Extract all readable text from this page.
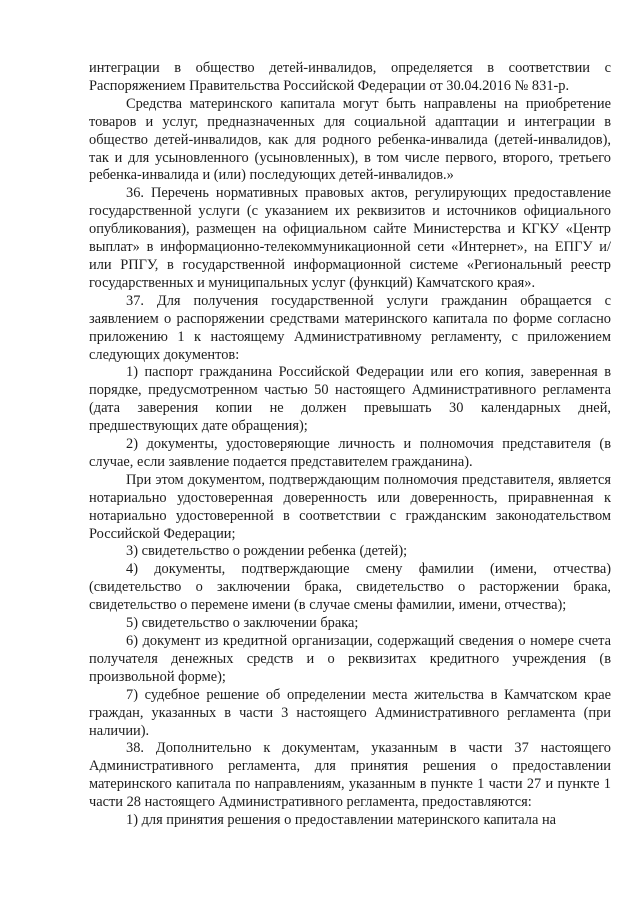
интеграции в общество детей-инвалидов, определяется в соответствии с Распоряжением Правительства Российской Федерации от 30.04.2016 № 831-р.

Средства материнского капитала могут быть направлены на приобретение товаров и услуг, предназначенных для социальной адаптации и интеграции в общество детей-инвалидов, как для родного ребенка-инвалида (детей-инвалидов), так и для усыновленного (усыновленных), в том числе первого, второго, третьего ребенка-инвалида и (или) последующих детей-инвалидов.»

36. Перечень нормативных правовых актов, регулирующих предоставление государственной услуги (с указанием их реквизитов и источников официального опубликования), размещен на официальном сайте Министерства и КГКУ «Центр выплат» в информационно-телекоммуникационной сети «Интернет», на ЕПГУ и/или РПГУ, в государственной информационной системе «Региональный реестр государственных и муниципальных услуг (функций) Камчатского края».

37. Для получения государственной услуги гражданин обращается с заявлением о распоряжении средствами материнского капитала по форме согласно приложению 1 к настоящему Административному регламенту, с приложением следующих документов:

1) паспорт гражданина Российской Федерации или его копия, заверенная в порядке, предусмотренном частью 50 настоящего Административного регламента (дата заверения копии не должен превышать 30 календарных дней, предшествующих дате обращения);

2) документы, удостоверяющие личность и полномочия представителя (в случае, если заявление подается представителем гражданина).

При этом документом, подтверждающим полномочия представителя, является нотариально удостоверенная доверенность или доверенность, приравненная к нотариально удостоверенной в соответствии с гражданским законодательством Российской Федерации;

3) свидетельство о рождении ребенка (детей);

4) документы, подтверждающие смену фамилии (имени, отчества) (свидетельство о заключении брака, свидетельство о расторжении брака, свидетельство о перемене имени (в случае смены фамилии, имени, отчества);

5) свидетельство о заключении брака;

6) документ из кредитной организации, содержащий сведения о номере счета получателя денежных средств и о реквизитах кредитного учреждения (в произвольной форме);

7) судебное решение об определении места жительства в Камчатском крае граждан, указанных в части 3 настоящего Административного регламента (при наличии).

38. Дополнительно к документам, указанным в части 37 настоящего Административного регламента, для принятия решения о предоставлении материнского капитала по направлениям, указанным в пункте 1 части 27 и пункте 1 части 28 настоящего Административного регламента, предоставляются:

1) для принятия решения о предоставлении материнского капитала на
